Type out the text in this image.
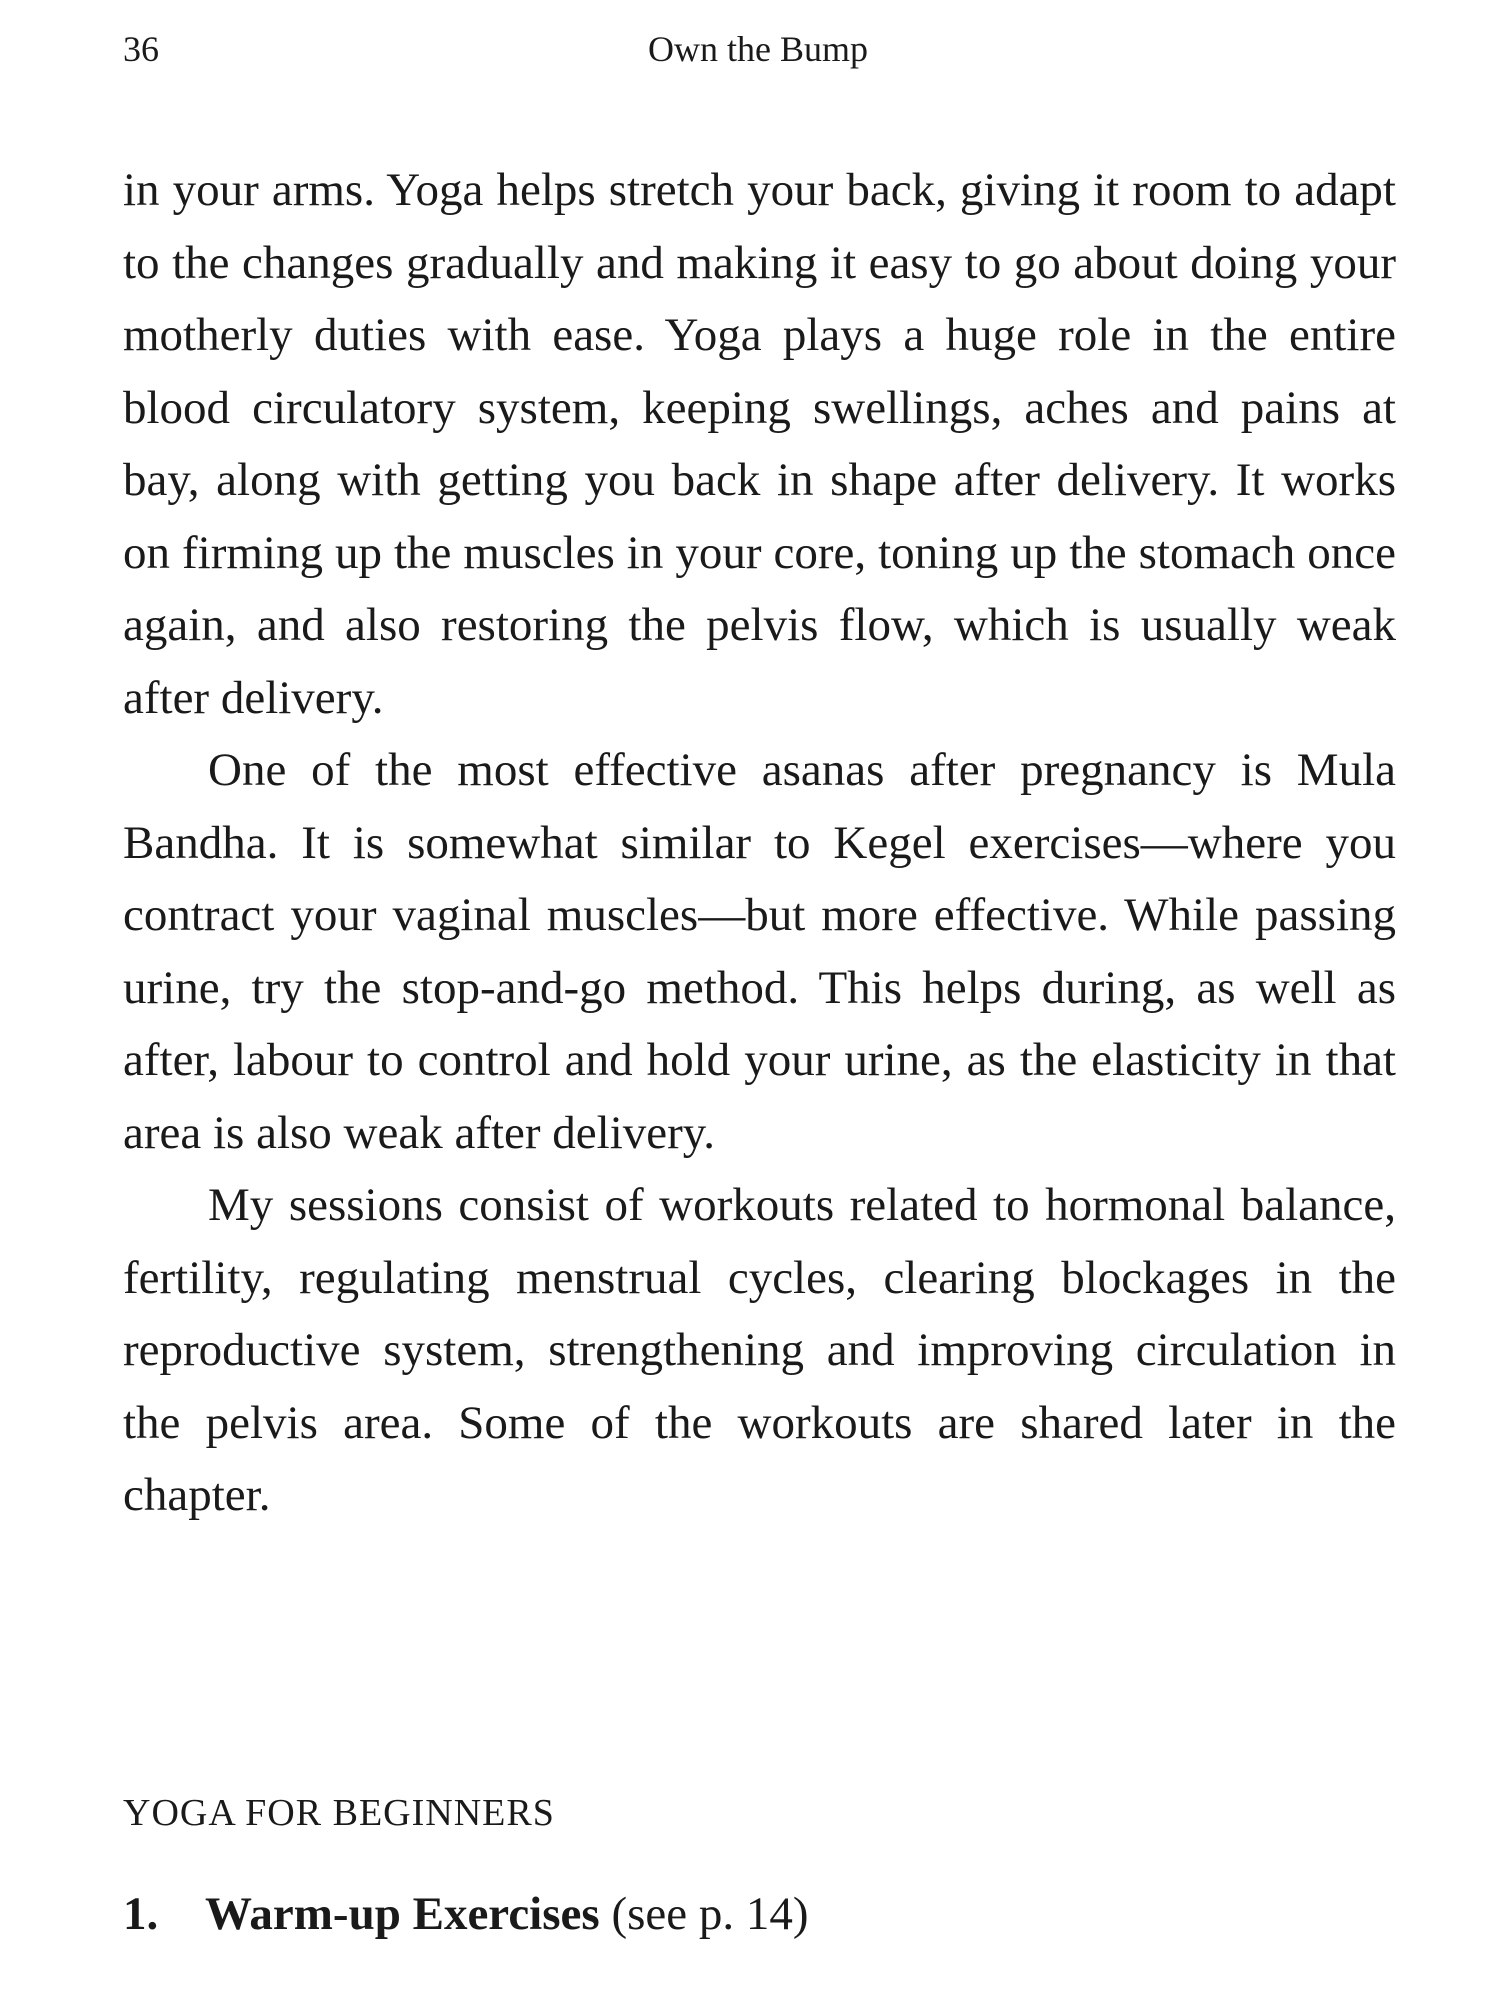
36	Own the Bump

in your arms. Yoga helps stretch your back, giving it room to adapt to the changes gradually and making it easy to go about doing your motherly duties with ease. Yoga plays a huge role in the entire blood circulatory system, keeping swellings, aches and pains at bay, along with getting you back in shape after delivery. It works on firming up the muscles in your core, toning up the stomach once again, and also restoring the pelvis flow, which is usually weak after delivery.

One of the most effective asanas after pregnancy is Mula Bandha. It is somewhat similar to Kegel exercises—where you contract your vaginal muscles—but more effective. While passing urine, try the stop-and-go method. This helps during, as well as after, labour to control and hold your urine, as the elasticity in that area is also weak after delivery.

My sessions consist of workouts related to hormonal balance, fertility, regulating menstrual cycles, clearing blockages in the reproductive system, strengthening and improving circulation in the pelvis area. Some of the workouts are shared later in the chapter.

YOGA FOR BEGINNERS
1. Warm-up Exercises (see p. 14)
